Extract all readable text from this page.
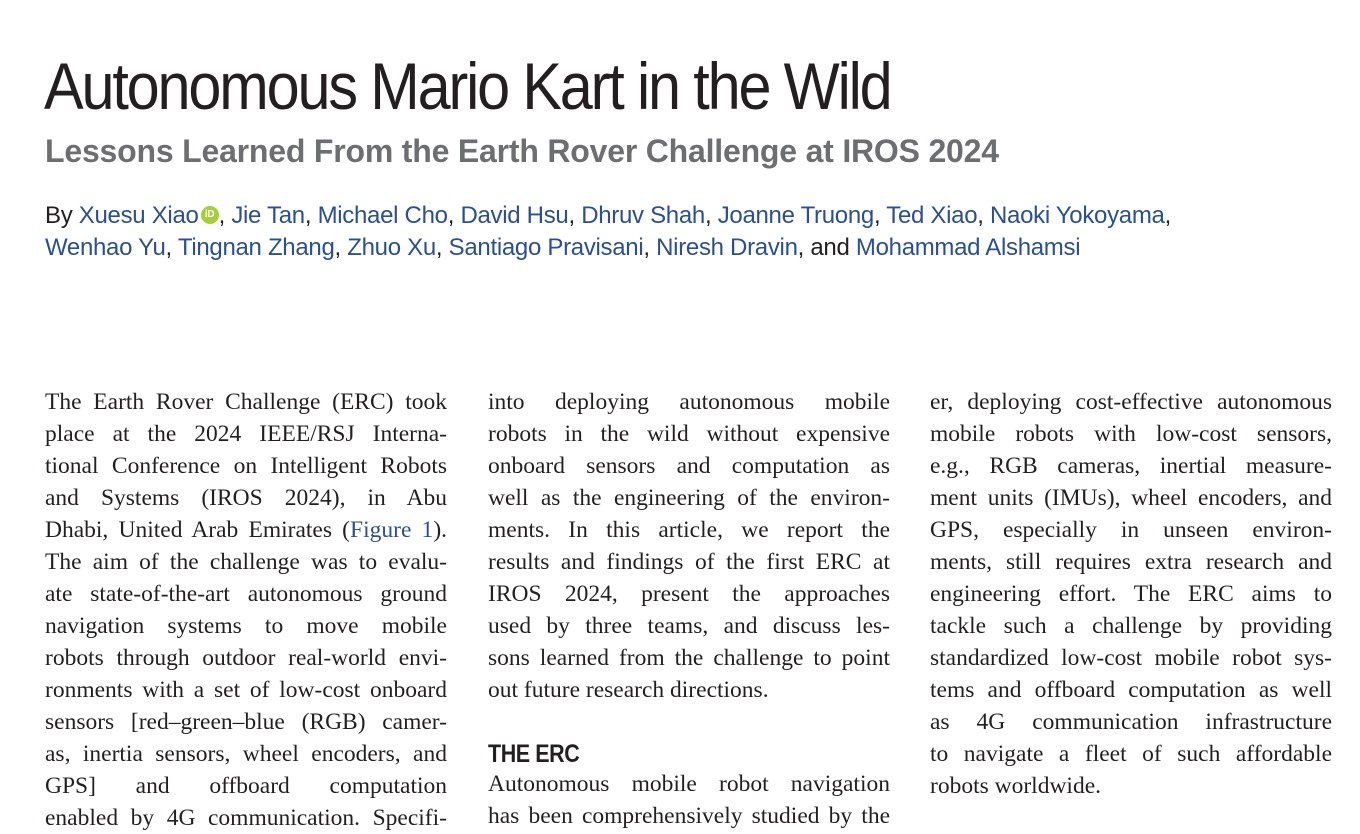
Autonomous Mario Kart in the Wild
Lessons Learned From the Earth Rover Challenge at IROS 2024
By Xuesu Xiao iD , Jie Tan, Michael Cho, David Hsu, Dhruv Shah, Joanne Truong, Ted Xiao, Naoki Yokoyama,
Wenhao Yu, Tingnan Zhang, Zhuo Xu, Santiago Pravisani, Niresh Dravin, and Mohammad Alshamsi
The Earth Rover Challenge (ERC) took
place at the 2024 IEEE/RSJ Interna-
tional Conference on Intelligent Robots
and Systems (IROS 2024), in Abu
Dhabi, United Arab Emirates (Figure 1).
The aim of the challenge was to evalu-
ate state-of-the-art autonomous ground
navigation systems to move mobile
robots through outdoor real-world envi-
ronments with a set of low-cost onboard
sensors [red–green–blue (RGB) camer-
as, inertia sensors, wheel encoders, and
GPS] and offboard computation
enabled by 4G communication. Specifi-
into deploying autonomous mobile
robots in the wild without expensive
onboard sensors and computation as
well as the engineering of the environ-
ments. In this article, we report the
results and findings of the first ERC at
IROS 2024, present the approaches
used by three teams, and discuss les-
sons learned from the challenge to point
out future research directions.
THE ERC
Autonomous mobile robot navigation
has been comprehensively studied by the
er, deploying cost-effective autonomous
mobile robots with low-cost sensors,
e.g., RGB cameras, inertial measure-
ment units (IMUs), wheel encoders, and
GPS, especially in unseen environ-
ments, still requires extra research and
engineering effort. The ERC aims to
tackle such a challenge by providing
standardized low-cost mobile robot sys-
tems and offboard computation as well
as 4G communication infrastructure
to navigate a fleet of such affordable
robots worldwide.
